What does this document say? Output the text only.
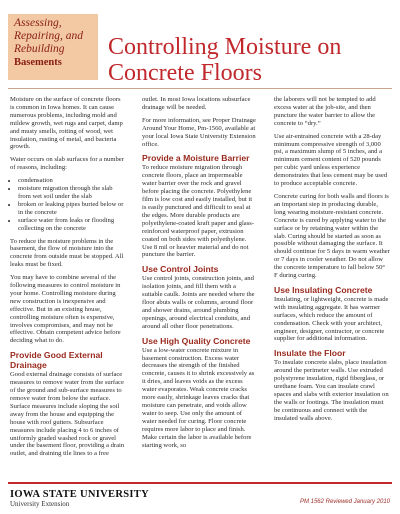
Assessing,
Repairing, and
Rebuilding
Basements
Controlling Moisture on
Concrete Floors

Moisture on the surface of concrete floors is common in Iowa homes. It can cause numerous problems, including mold and mildew growth, wet rugs and carpet, damp and musty smells, rotting of wood, wet insulation, rusting of metal, and bacteria growth.

Water occurs on slab surfaces for a number of reasons, including:

• condensation
• moisture migration through the slab from wet soil under the slab
• broken or leaking pipes buried below or in the concrete
• surface water from leaks or flooding collecting on the concrete

To reduce the moisture problems in the basement, the flow of moisture into the concrete from outside must be stopped. All leaks must be fixed.

You may have to combine several of the following measures to control moisture in your home. Controlling moisture during new construction is inexpensive and effective. But in an existing house, controlling moisture often is expensive, involves compromises, and may not be effective. Obtain competent advice before deciding what to do.

Provide Good External Drainage

Good external drainage consists of surface measures to remove water from the surface of the ground and sub-surface measures to remove water from below the surface. Surface measures include sloping the soil away from the house and equipping the house with roof gutters. Subsurface measures include placing 4 to 6 inches of uniformly graded washed rock or gravel under the basement floor, providing a drain outlet, and draining tile lines to a free

outlet. In most Iowa locations subsurface drainage will be needed.

For more information, see Proper Drainage Around Your Home, Pm-1560, available at your local Iowa State University Extension office.

Provide a Moisture Barrier

To reduce moisture migration through concrete floors, place an impermeable water barrier over the rock and gravel before placing the concrete. Polyethylene film is low cost and easily installed, but it is easily punctured and difficult to seal at the edges. More durable products are polyethylene-coated kraft paper and glass-reinforced waterproof paper, extrusion coated on both sides with polyethylene. Use 8 mil or heavier material and do not puncture the barrier.

Use Control Joints

Use control joints, construction joints, and isolation joints, and fill them with a suitable caulk. Joints are needed where the floor abuts walls or columns, around floor and shower drains, around plumbing openings, around electrical conduits, and around all other floor penetrations.

Use High Quality Concrete

Use a low-water concrete mixture in basement construction. Excess water decreases the strength of the finished concrete, causes it to shrink excessively as it dries, and leaves voids as the excess water evaporates. Weak concrete cracks more easily, shrinkage leaves cracks that moisture can penetrate, and voids allow water to seep. Use only the amount of water needed for curing. Floor concrete requires more labor to place and finish. Make certain the labor is available before starting work, so

the laborers will not be tempted to add excess water at the job-site, and then puncture the water barrier to allow the concrete to “dry.”

Use air-entrained concrete with a 28-day minimum compressive strength of 3,000 psi, a maximum slump of 5 inches, and a minimum cement content of 520 pounds per cubic yard unless experience demonstrates that less cement may be used to produce acceptable concrete.

Concrete curing for both walls and floors is an important step in producing durable, long wearing moisture-resistant concrete. Concrete is cured by applying water to the surface or by retaining water within the slab. Curing should be started as soon as possible without damaging the surface. It should continue for 5 days in warm weather or 7 days in cooler weather. Do not allow the concrete temperature to fall below 50° F during curing.

Use Insulating Concrete

Insulating, or lightweight, concrete is made with insulating aggregate. It has warmer surfaces, which reduce the amount of condensation. Check with your architect, engineer, designer, contractor, or concrete supplier for additional information.

Insulate the Floor

To insulate concrete slabs, place insulation around the perimeter walls. Use extruded polystyrene insulation, rigid fiberglass, or urethane foam. You can insulate crawl spaces and slabs with exterior insulation on the walls or footings. The insulation must be continuous and connect with the insulated walls above.

IOWA STATE UNIVERSITY
University Extension	PM 1562 Reviewed January 2010
